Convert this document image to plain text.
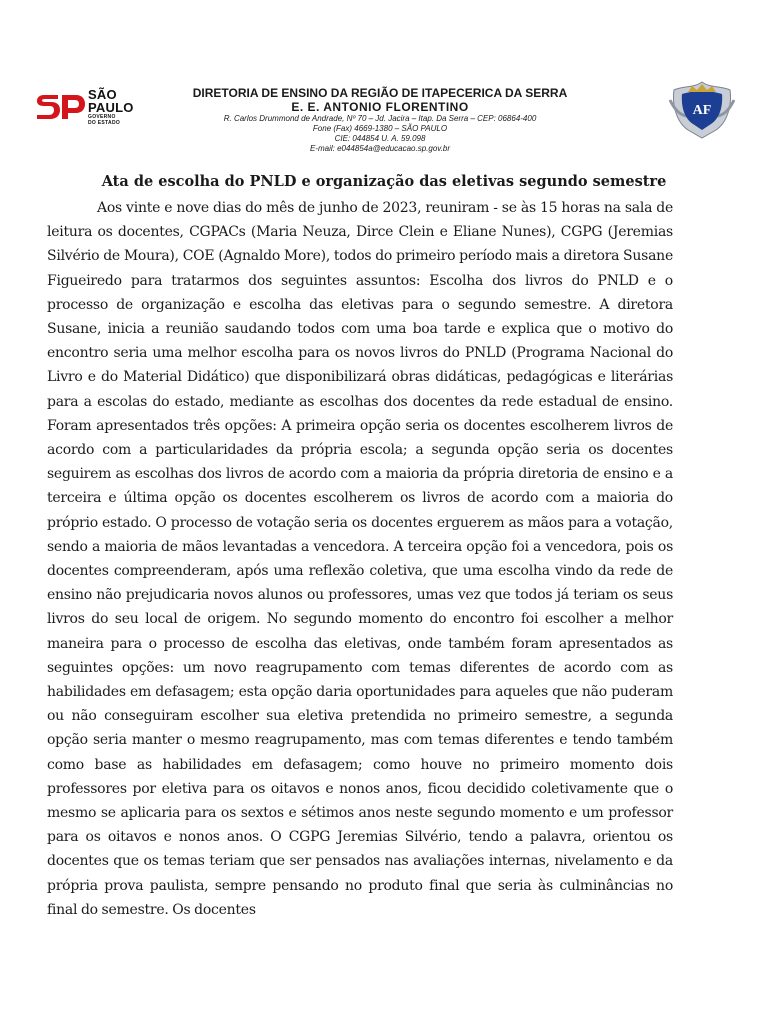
SÃO
PAULO
GOVERNO
DO ESTADO
DIRETORIA DE ENSINO DA REGIÃO DE ITAPECERICA DA SERRA
E. E. ANTONIO FLORENTINO
R. Carlos Drummond de Andrade, Nº 70 – Jd. Jacira – Itap. Da Serra – CEP: 06864-400
Fone (Fax) 4669-1380 – SÃO PAULO
CIE: 044854 U. A. 59.098
E-mail: e044854a@educacao.sp.gov.br
AF
Ata de escolha do PNLD e organização das eletivas segundo semestre

Aos vinte e nove dias do mês de junho de 2023, reuniram - se às 15 horas na sala de leitura os docentes, CGPACs (Maria Neuza, Dirce Clein e Eliane Nunes), CGPG (Jeremias Silvério de Moura), COE (Agnaldo More), todos do primeiro período mais a diretora Susane Figueiredo para tratarmos dos seguintes assuntos: Escolha dos livros do PNLD e o processo de organização e escolha das eletivas para o segundo semestre. A diretora Susane, inicia a reunião saudando todos com uma boa tarde e explica que o motivo do encontro seria uma melhor escolha para os novos livros do PNLD (Programa Nacional do Livro e do Material Didático) que disponibilizará obras didáticas, pedagógicas e literárias para a escolas do estado, mediante as escolhas dos docentes da rede estadual de ensino. Foram apresentados três opções: A primeira opção seria os docentes escolherem livros de acordo com a particularidades da própria escola; a segunda opção seria os docentes seguirem as escolhas dos livros de acordo com a maioria da própria diretoria de ensino e a terceira e última opção os docentes escolherem os livros de acordo com a maioria do próprio estado. O processo de votação seria os docentes erguerem as mãos para a votação, sendo a maioria de mãos levantadas a vencedora. A terceira opção foi a vencedora, pois os docentes compreenderam, após uma reflexão coletiva, que uma escolha vindo da rede de ensino não prejudicaria novos alunos ou professores, umas vez que todos já teriam os seus livros do seu local de origem. No segundo momento do encontro foi escolher a melhor maneira para o processo de escolha das eletivas, onde também foram apresentados as seguintes opções: um novo reagrupamento com temas diferentes de acordo com as habilidades em defasagem; esta opção daria oportunidades para aqueles que não puderam ou não conseguiram escolher sua eletiva pretendida no primeiro semestre, a segunda opção seria manter o mesmo reagrupamento, mas com temas diferentes e tendo também como base as habilidades em defasagem; como houve no primeiro momento dois professores por eletiva para os oitavos e nonos anos, ficou decidido coletivamente que o mesmo se aplicaria para os sextos e sétimos anos neste segundo momento e um professor para os oitavos e nonos anos. O CGPG Jeremias Silvério, tendo a palavra, orientou os docentes que os temas teriam que ser pensados nas avaliações internas, nivelamento e da própria prova paulista, sempre pensando no produto final que seria às culminâncias no final do semestre. Os docentes
